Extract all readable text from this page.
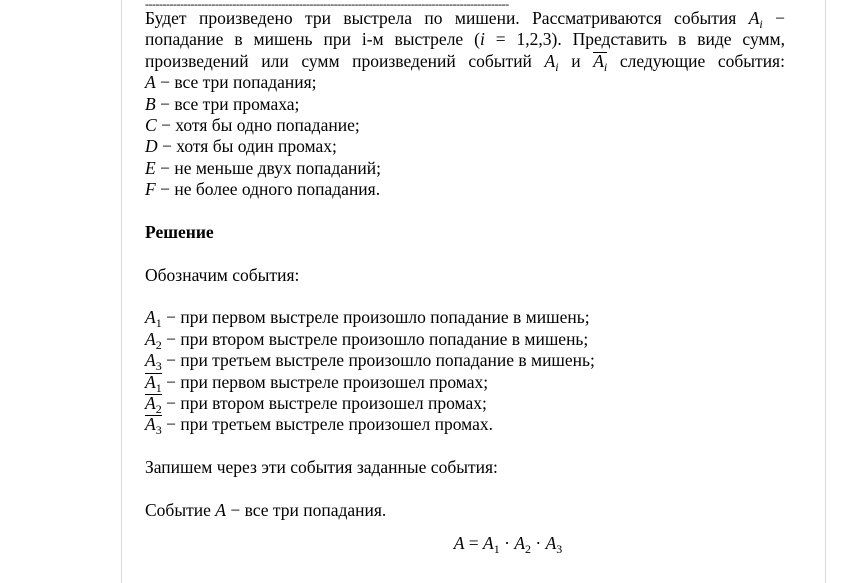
--------------------------------------------------------------------------------------------------------
Будет произведено три выстрела по мишени. Рассматриваются события $A_i$ −
попадание в мишень при i-м выстреле (i = 1,2,3). Представить в виде сумм,
произведений или сумм произведений событий $A_i$ и $A_i$ следующие события:
A − все три попадания;
B − все три промаха;
C − хотя бы одно попадание;
D − хотя бы один промах;
E − не меньше двух попаданий;
F − не более одного попадания.
Решение
Обозначим события:
$A_1$ − при первом выстреле произошло попадание в мишень;
$A_2$ − при втором выстреле произошло попадание в мишень;
$A_3$ − при третьем выстреле произошло попадание в мишень;
$A_1$ − при первом выстреле произошел промах;
$A_2$ − при втором выстреле произошел промах;
$A_3$ − при третьем выстреле произошел промах.
Запишем через эти события заданные события:
Событие A − все три попадания.
$A = A_1 \cdot A_2 \cdot A_3$
